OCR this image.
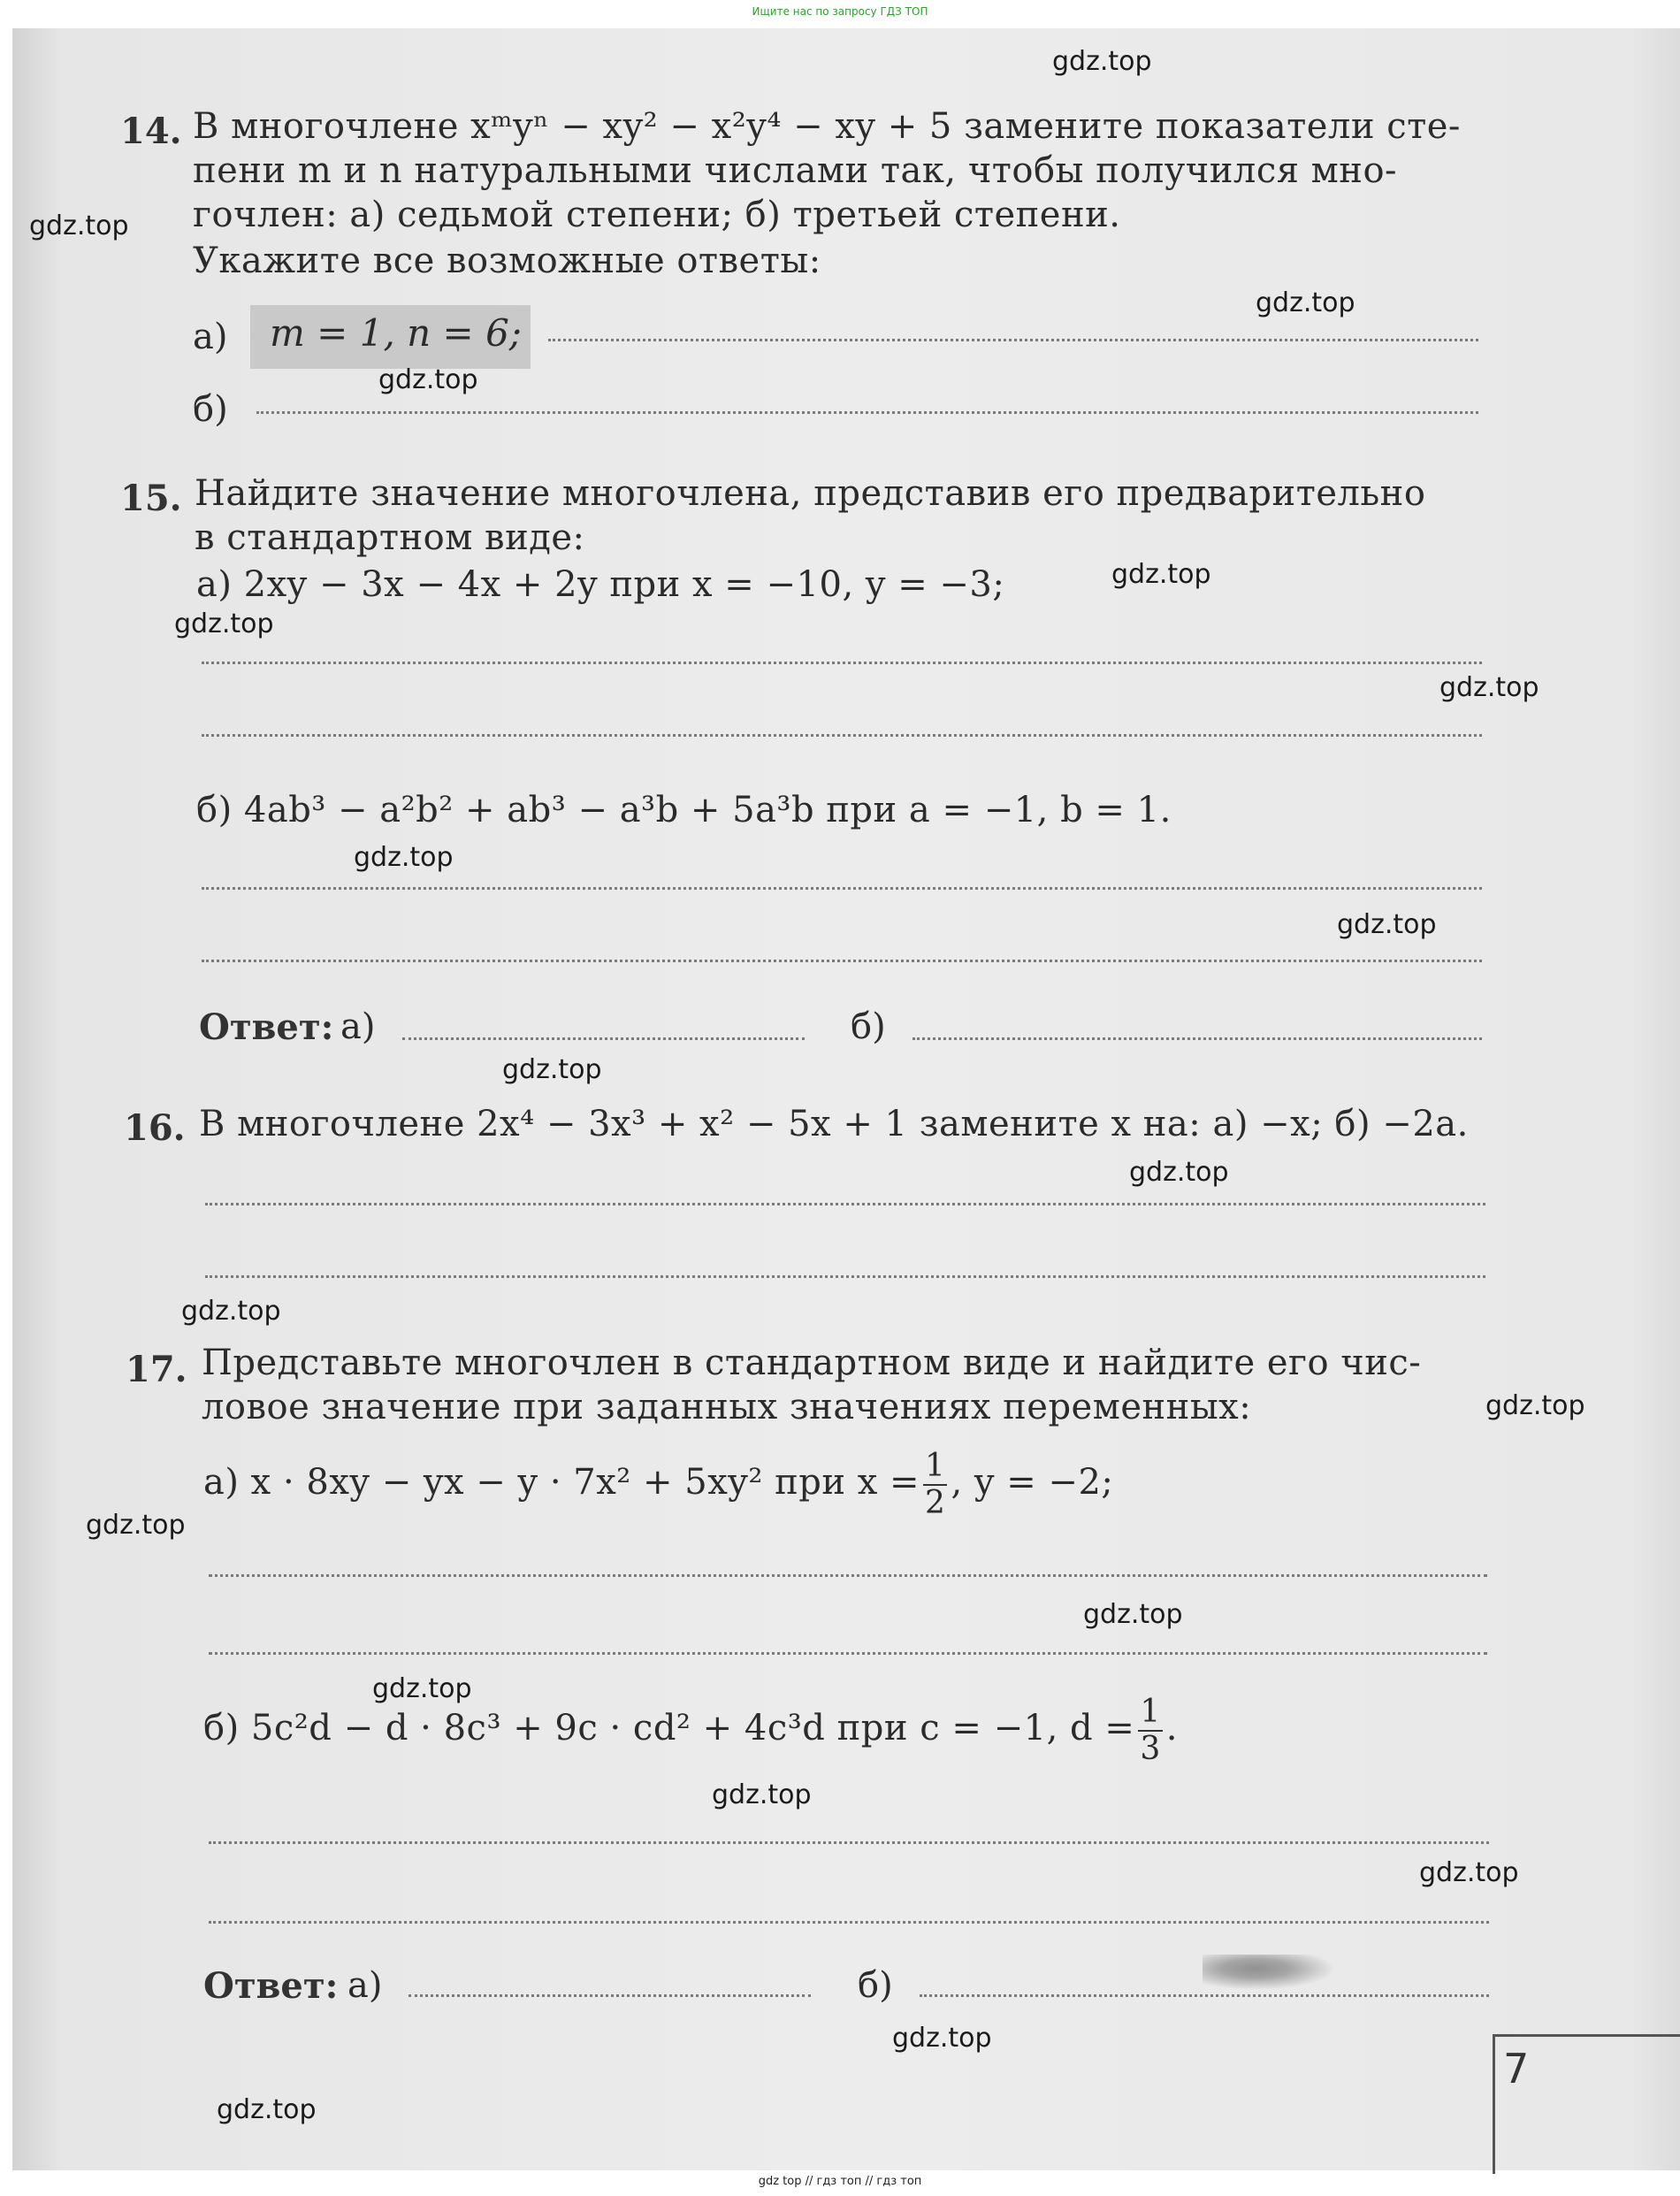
Ищите нас по запросу ГДЗ ТОП
14. В многочлене xᵐyⁿ − xy² − x²y⁴ − xy + 5 замените показатели сте-
пени m и n натуральными числами так, чтобы получился мно-
гочлен: а) седьмой степени; б) третьей степени.
Укажите все возможные ответы:
а) m = 1, n = 6;
б)
15. Найдите значение многочлена, представив его предварительно
в стандартном виде:
а) 2xy − 3x − 4x + 2y при x = −10, y = −3;
б) 4ab³ − a²b² + ab³ − a³b + 5a³b при a = −1, b = 1.
Ответ: а)	б)
16. В многочлене 2x⁴ − 3x³ + x² − 5x + 1 замените x на: а) −x; б) −2a.
17. Представьте многочлен в стандартном виде и найдите его чис-
ловое значение при заданных значениях переменных:
а) x · 8xy − yx − y · 7x² + 5xy² при $x = \frac{1}{2}$ , y = −2;
б) 5c²d − d · 8c³ + 9c · cd² + 4c³d при c = −1, $d = \frac{1}{3}$ .
Ответ: а)	б)
7
gdz.top
gdz.top
gdz.top
gdz.top
gdz.top
gdz.top
gdz.top
gdz.top
gdz.top
gdz.top
gdz.top
gdz.top
gdz.top
gdz.top
gdz.top
gdz.top
gdz.top
gdz.top
gdz.top
gdz.top
gdz top // гдз топ // гдз топ
